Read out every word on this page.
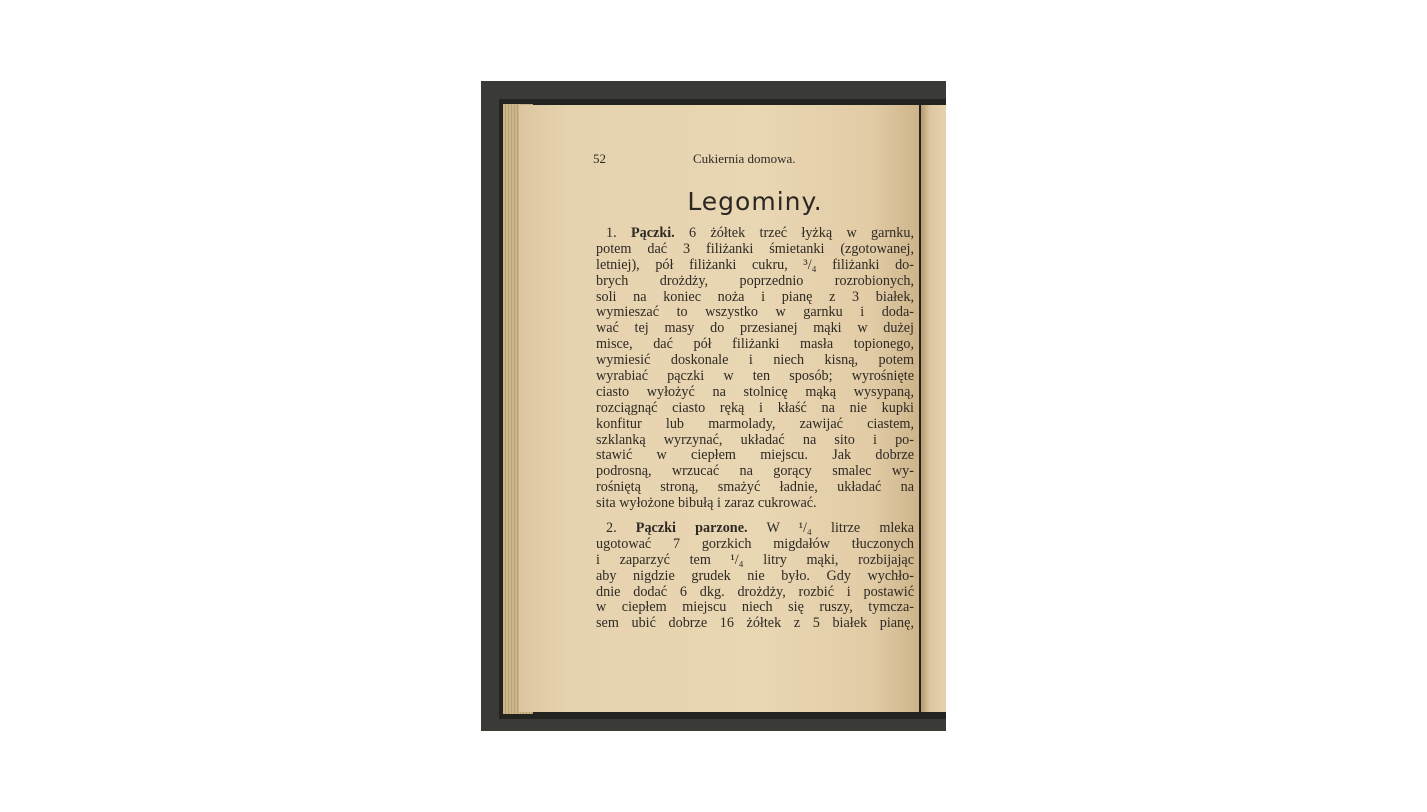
52	Cukiernia domowa.
Legominy.
1. Pączki. 6 żółtek trzeć łyżką w garnku,
potem dać 3 filiżanki śmietanki (zgotowanej,
letniej), pół filiżanki cukru, ³/₄ filiżanki do-
brych drożdży, poprzednio rozrobionych,
soli na koniec noża i pianę z 3 białek,
wymieszać to wszystko w garnku i doda-
wać tej masy do przesianej mąki w dużej
misce, dać pół filiżanki masła topionego,
wymiesić doskonale i niech kisną, potem
wyrabiać pączki w ten sposób; wyrośnięte
ciasto wyłożyć na stolnicę mąką wysypaną,
rozciągnąć ciasto ręką i kłaść na nie kupki
konfitur lub marmolady, zawijać ciastem,
szklanką wyrzynać, układać na sito i po-
stawić w ciepłem miejscu. Jak dobrze
podrosną, wrzucać na gorący smalec wy-
rośniętą stroną, smażyć ładnie, układać na
sita wyłożone bibułą i zaraz cukrować.
2. Pączki parzone. W ¹/₄ litrze mleka
ugotować 7 gorzkich migdałów tłuczonych
i zaparzyć tem ¹/₄ litry mąki, rozbijając
aby nigdzie grudek nie było. Gdy wychło-
dnie dodać 6 dkg. drożdży, rozbić i postawić
w ciepłem miejscu niech się ruszy, tymcza-
sem ubić dobrze 16 żółtek z 5 białek pianę,
